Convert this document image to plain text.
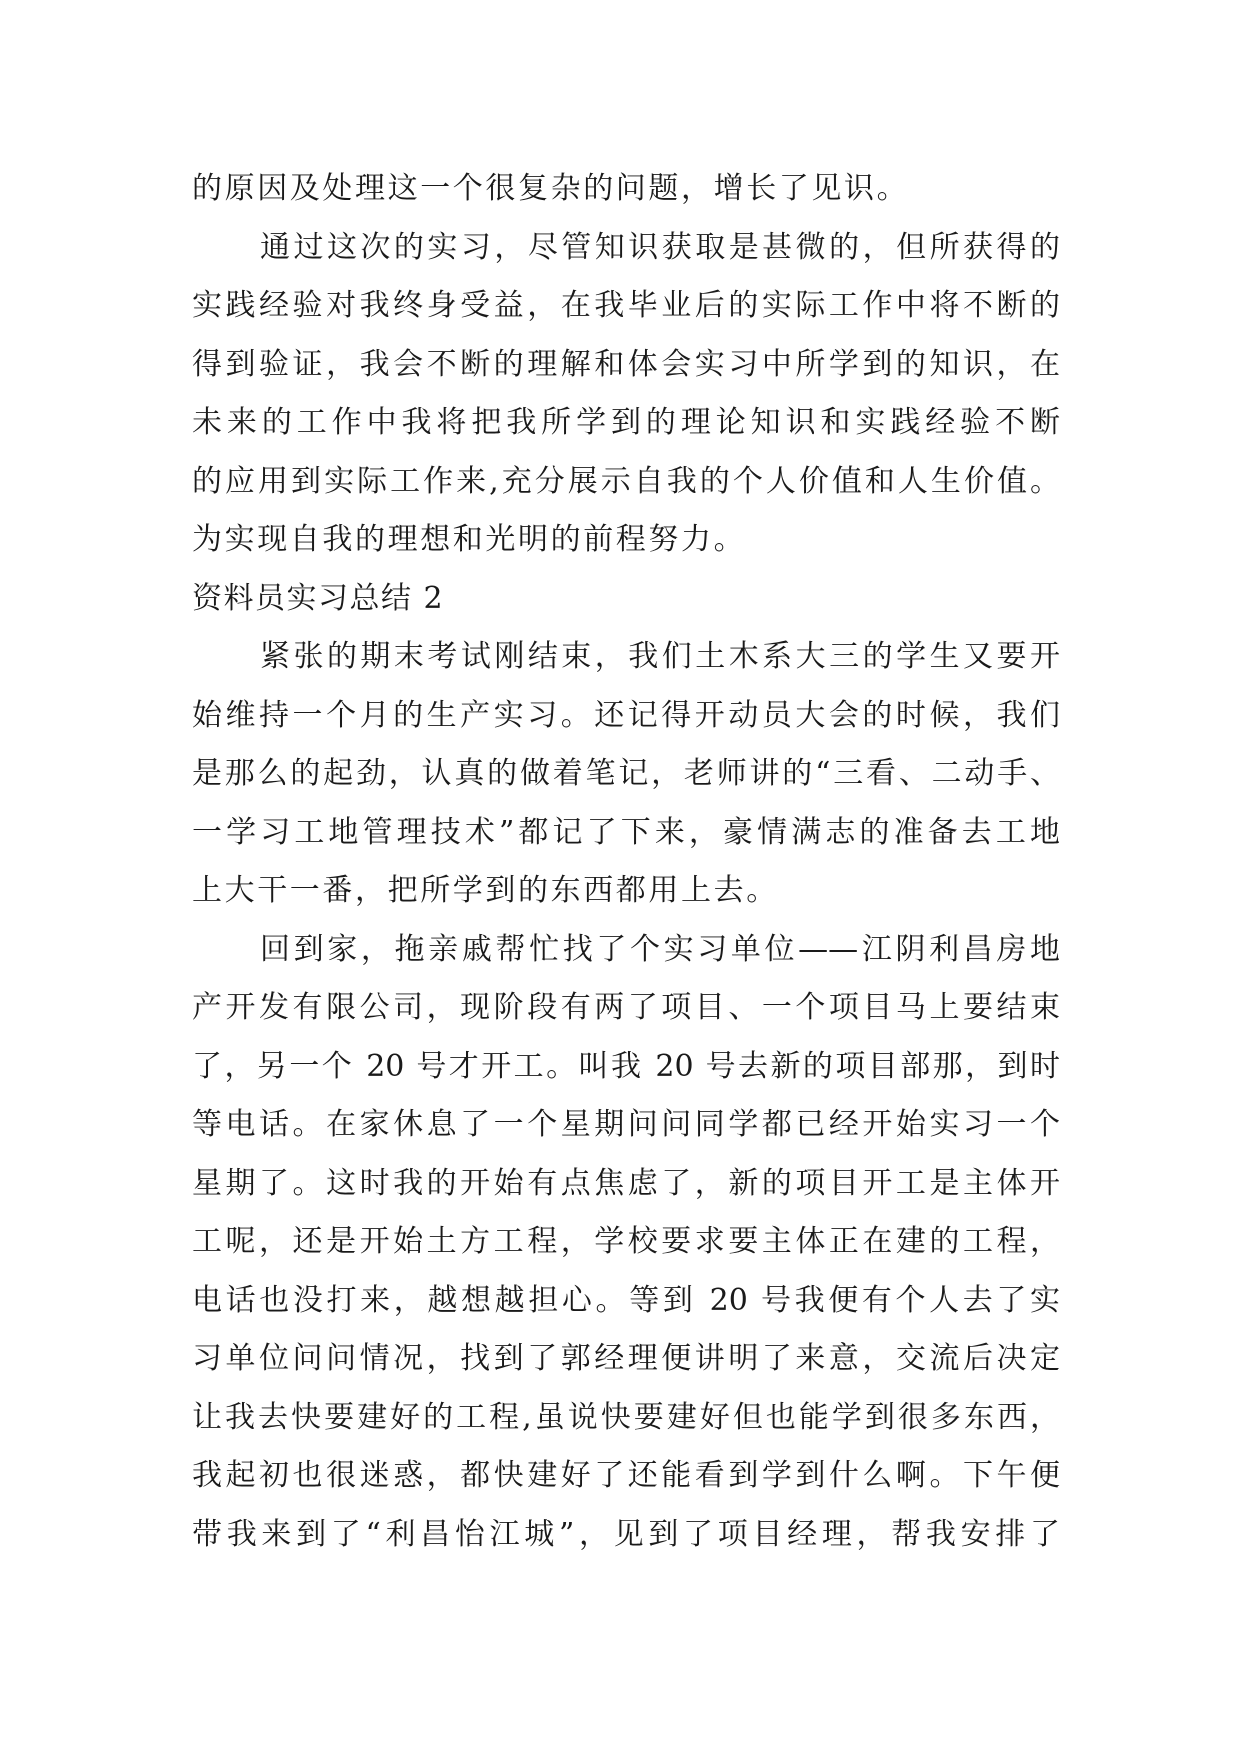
的原因及处理这一个很复杂的问题，增长了见识。
通过这次的实习，尽管知识获取是甚微的，但所获得的
实践经验对我终身受益，在我毕业后的实际工作中将不断的
得到验证，我会不断的理解和体会实习中所学到的知识，在
未来的工作中我将把我所学到的理论知识和实践经验不断
的应用到实际工作来,充分展示自我的个人价值和人生价值。
为实现自我的理想和光明的前程努力。
资料员实习总结 2
紧张的期末考试刚结束，我们土木系大三的学生又要开
始维持一个月的生产实习。还记得开动员大会的时候，我们
是那么的起劲，认真的做着笔记，老师讲的“三看、二动手、
一学习工地管理技术”都记了下来，豪情满志的准备去工地
上大干一番，把所学到的东西都用上去。
回到家，拖亲戚帮忙找了个实习单位——江阴利昌房地
产开发有限公司，现阶段有两了项目、一个项目马上要结束
了，另一个 20 号才开工。叫我 20 号去新的项目部那，到时
等电话。在家休息了一个星期问问同学都已经开始实习一个
星期了。这时我的开始有点焦虑了，新的项目开工是主体开
工呢，还是开始土方工程，学校要求要主体正在建的工程，
电话也没打来，越想越担心。等到 20 号我便有个人去了实
习单位问问情况，找到了郭经理便讲明了来意，交流后决定
让我去快要建好的工程,虽说快要建好但也能学到很多东西，
我起初也很迷惑，都快建好了还能看到学到什么啊。下午便
带我来到了“利昌怡江城”，见到了项目经理，帮我安排了
